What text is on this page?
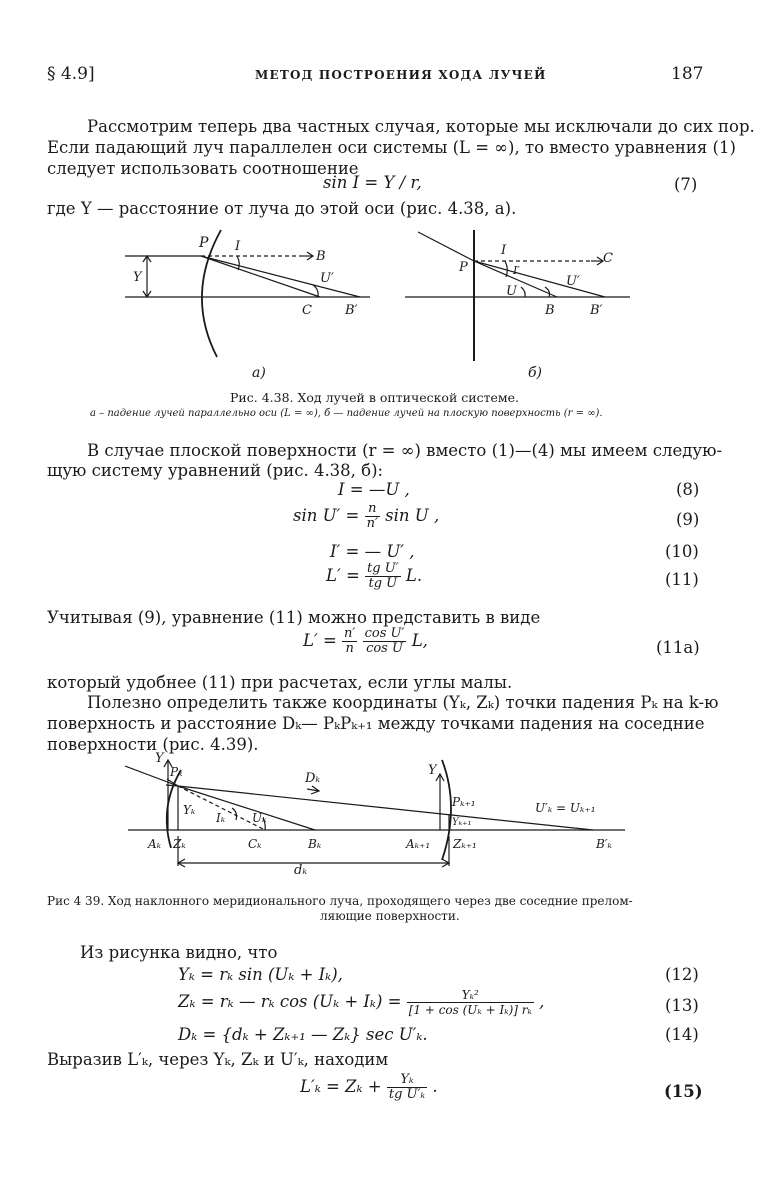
§ 4.9]	МЕТОД ПОСТРОЕНИЯ ХОДА ЛУЧЕЙ	187
Рассмотрим теперь два частных случая, которые мы исключали до сих пор.
Если падающий луч параллелен оси системы (L = ∞), то вместо уравнения (1)
следует использовать соотношение
sin I = Y / r,	(7)
где Y — расстояние от луча до этой оси (рис. 4.38, а).
P I
B
Y	U′
C	B′
а)
I
C
P	I′
U′
U
B	B′
б)
Рис. 4.38. Ход лучей в оптической системе.
а – падение лучей параллельно оси (L = ∞), б — падение лучей на плоскую поверхность (r = ∞).
В случае плоской поверхности (r = ∞) вместо (1)—(4) мы имеем следую-
щую систему уравнений (рис. 4.38, б):
I = —U ,	(8)
$\sin U' = \frac{n}{n'}$ sin U ,	(9)
I′ = — U′ ,	(10)
$L' = \frac{\text{tg U′}}{\text{tg U}} L$.	(11)
Учитывая (9), уравнение (11) можно представить в виде
$L' = \frac{n'}{n}$
$\frac{\text{cos U′}}{\text{cos U}} L$,	(11a)
который удобнее (11) при расчетах, если углы малы.
Полезно определить также координаты (Yₖ, Zₖ) точки падения Pₖ на k-ю
поверхность и расстояние Dₖ— PₖPₖ₊₁ между точками падения на соседние
поверхности (рис. 4.39).
Y
Pₖ	Dₖ
Y
Pₖ₊₁	U′ₖ = Uₖ₊₁
Yₖ
Iₖ Uₖ	Yₖ₊₁
Aₖ Zₖ	Cₖ	Bₖ	Aₖ₊₁ Zₖ₊₁	B′ₖ
dₖ
Рис 4 39. Ход наклонного меридионального луча, проходящего через две соседние прелом-
ляющие поверхности.
Из рисунка видно, что
Yₖ = rₖ sin (Uₖ + Iₖ),	(12)
Zₖ = rₖ — rₖ $\cos (U_k + I_k) = \frac{\text{Yₖ²}}{\text{[1 + cos (Uₖ + Iₖ)] rₖ}}$ ,	(13)
Dₖ = {dₖ + Zₖ₊₁ — Zₖ} sec U′ₖ.	(14)
Выразив L′ₖ, через Yₖ, Zₖ и U′ₖ, находим
$L'_k = Z_k + \frac{\text{Yₖ}}{\text{tg U′ₖ}}$ .	(15)
